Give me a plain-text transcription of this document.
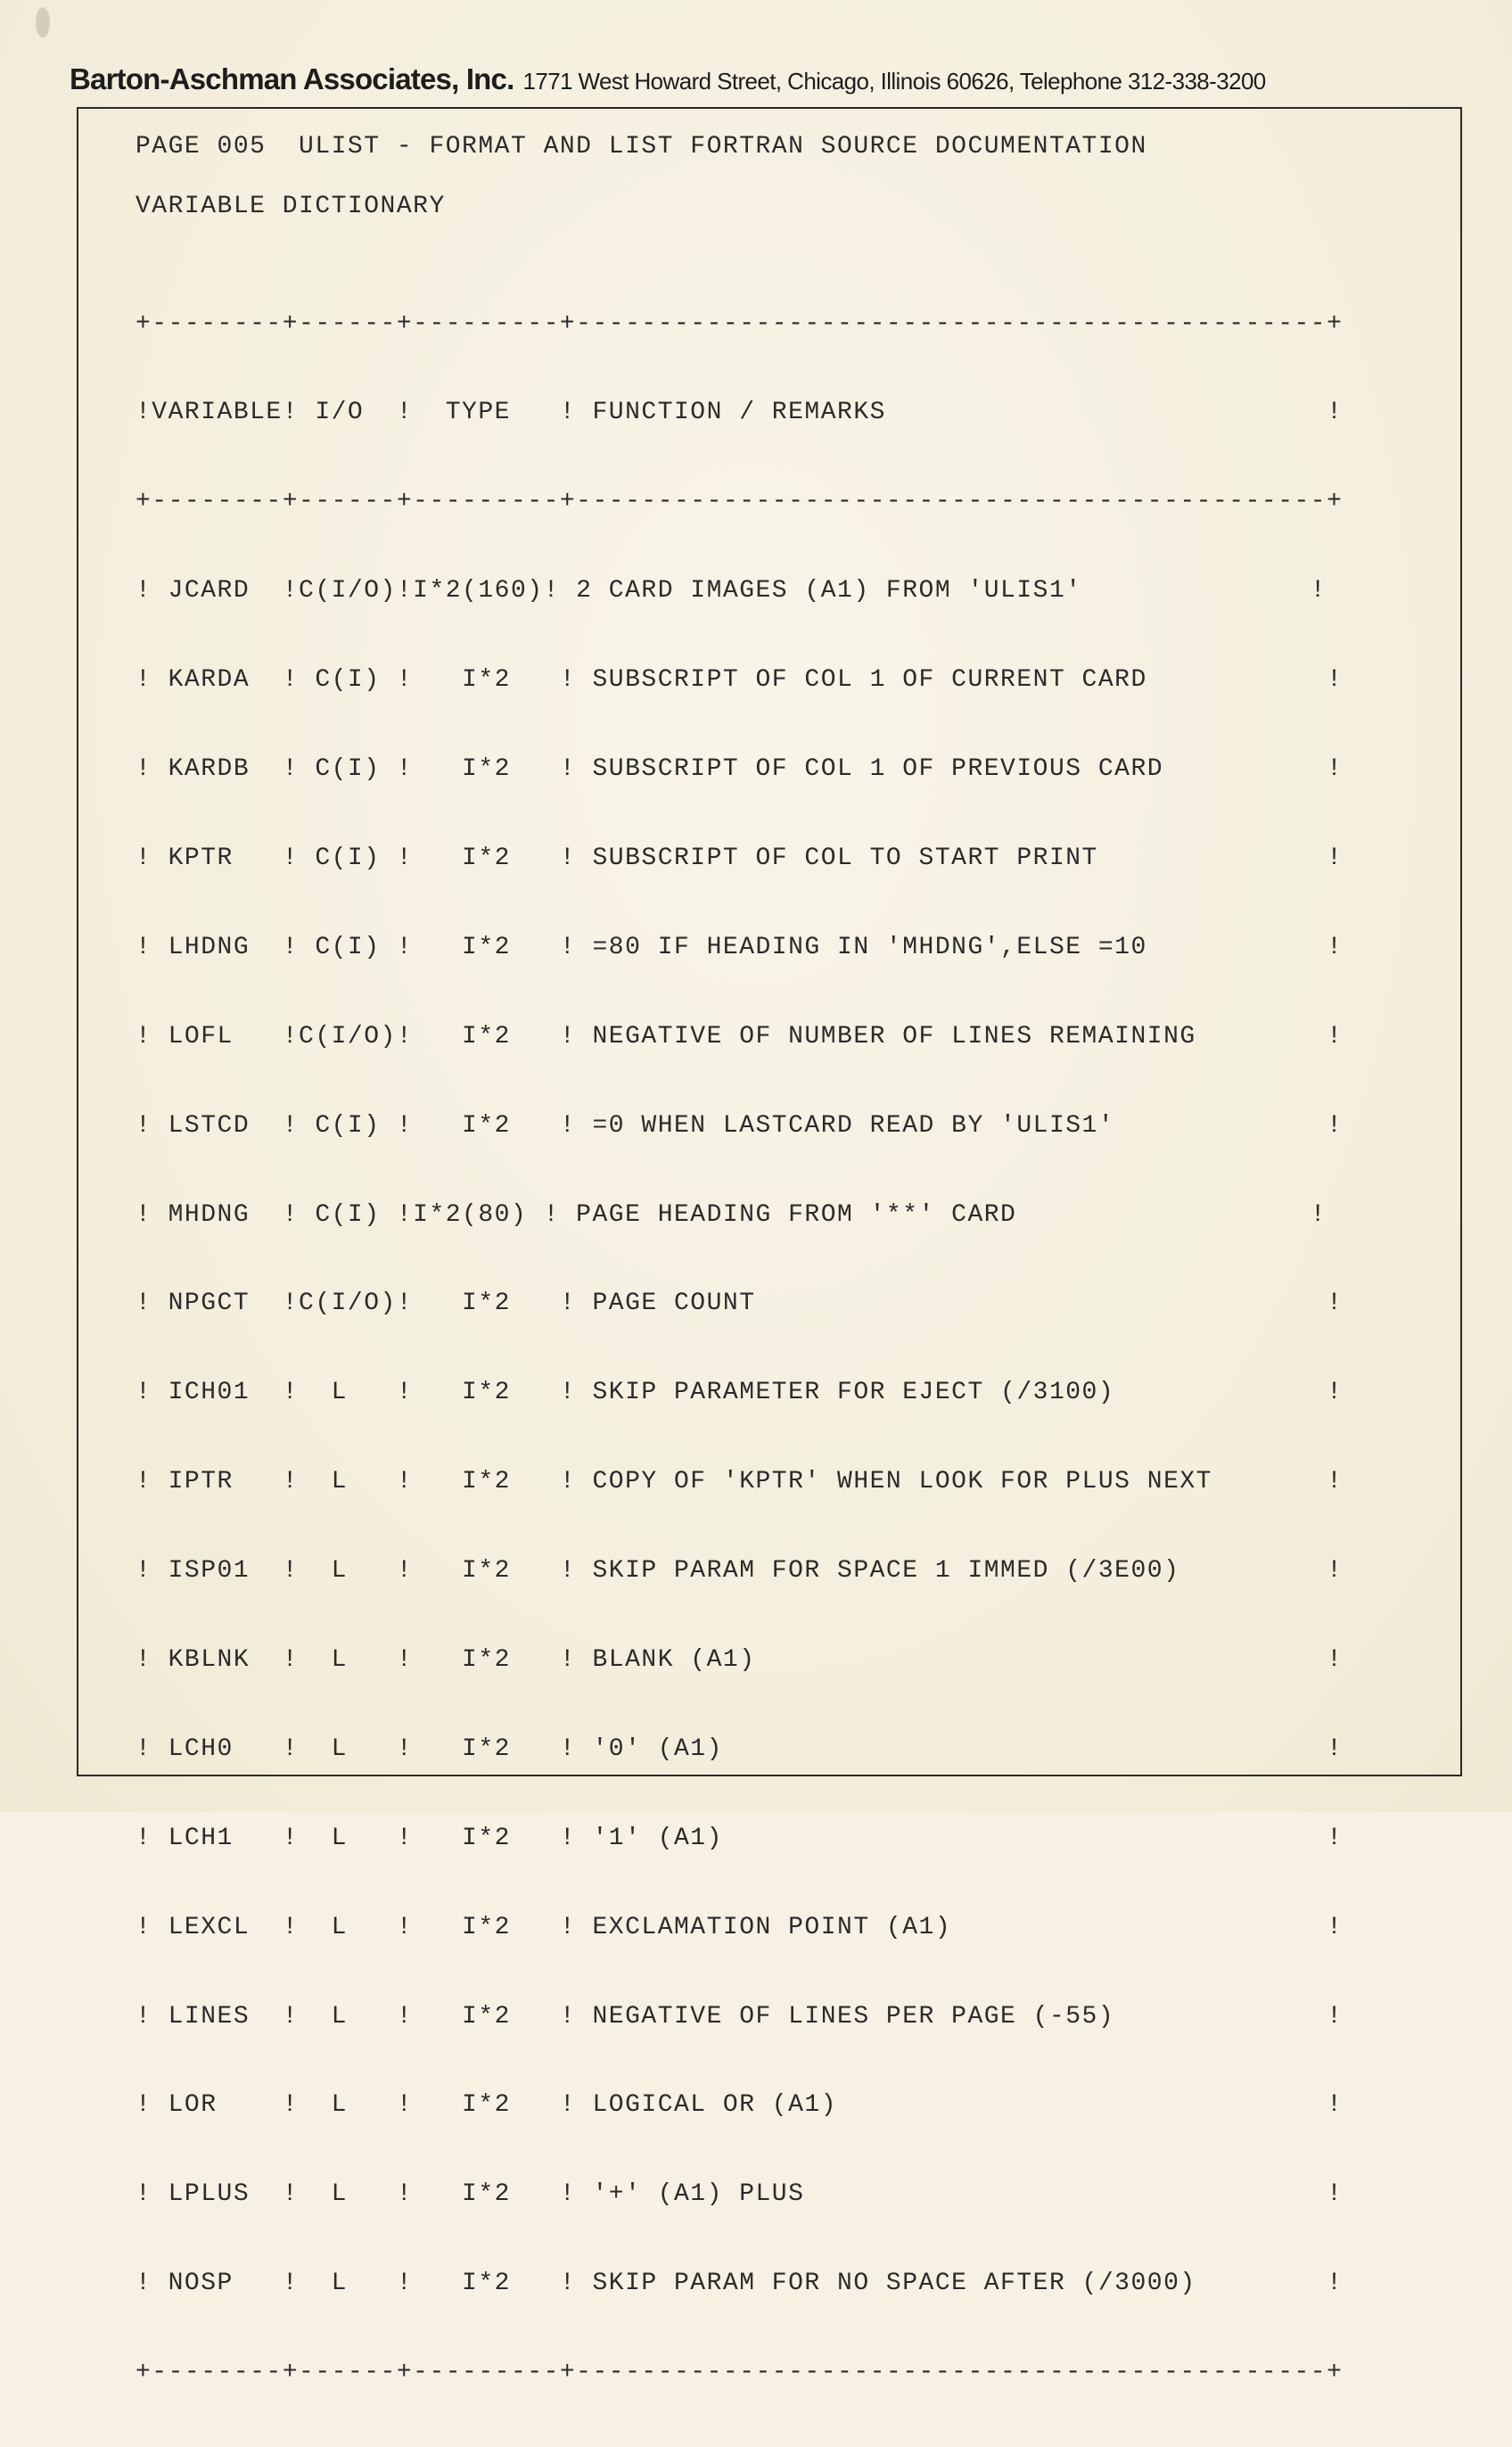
Barton-Aschman Associates, Inc. 1771 West Howard Street, Chicago, Illinois 60626, Telephone 312-338-3200
PAGE 005  ULIST - FORMAT AND LIST FORTRAN SOURCE DOCUMENTATION
VARIABLE DICTIONARY

+--------+------+---------+----------------------------------------------+

!VARIABLE! I/O  !  TYPE   ! FUNCTION / REMARKS                           !

+--------+------+---------+----------------------------------------------+

! JCARD  !C(I/O)!I*2(160)! 2 CARD IMAGES (A1) FROM 'ULIS1'              !

! KARDA  ! C(I) !   I*2   ! SUBSCRIPT OF COL 1 OF CURRENT CARD           !

! KARDB  ! C(I) !   I*2   ! SUBSCRIPT OF COL 1 OF PREVIOUS CARD          !

! KPTR   ! C(I) !   I*2   ! SUBSCRIPT OF COL TO START PRINT              !

! LHDNG  ! C(I) !   I*2   ! =80 IF HEADING IN 'MHDNG',ELSE =10           !

! LOFL   !C(I/O)!   I*2   ! NEGATIVE OF NUMBER OF LINES REMAINING        !

! LSTCD  ! C(I) !   I*2   ! =0 WHEN LASTCARD READ BY 'ULIS1'             !

! MHDNG  ! C(I) !I*2(80) ! PAGE HEADING FROM '**' CARD                  !

! NPGCT  !C(I/O)!   I*2   ! PAGE COUNT                                   !

! ICH01  !  L   !   I*2   ! SKIP PARAMETER FOR EJECT (/3100)             !

! IPTR   !  L   !   I*2   ! COPY OF 'KPTR' WHEN LOOK FOR PLUS NEXT       !

! ISP01  !  L   !   I*2   ! SKIP PARAM FOR SPACE 1 IMMED (/3E00)         !

! KBLNK  !  L   !   I*2   ! BLANK (A1)                                   !

! LCH0   !  L   !   I*2   ! '0' (A1)                                     !

! LCH1   !  L   !   I*2   ! '1' (A1)                                     !

! LEXCL  !  L   !   I*2   ! EXCLAMATION POINT (A1)                       !

! LINES  !  L   !   I*2   ! NEGATIVE OF LINES PER PAGE (-55)             !

! LOR    !  L   !   I*2   ! LOGICAL OR (A1)                              !

! LPLUS  !  L   !   I*2   ! '+' (A1) PLUS                                !

! NOSP   !  L   !   I*2   ! SKIP PARAM FOR NO SPACE AFTER (/3000)        !

+--------+------+---------+----------------------------------------------+
